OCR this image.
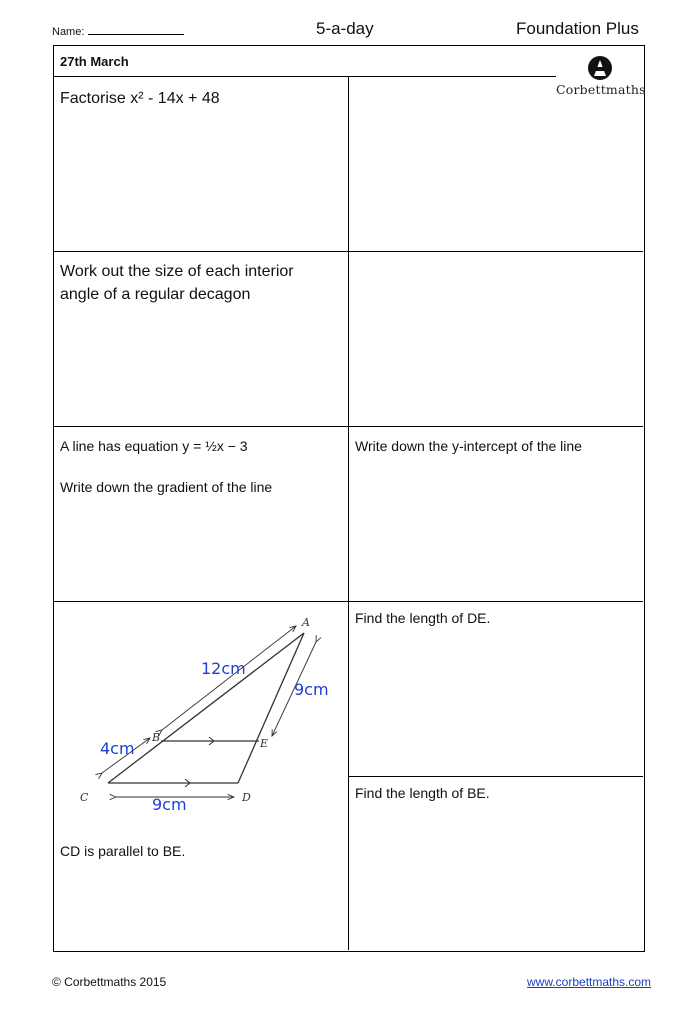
Name:	5-a-day	Foundation Plus
27th March
Corbettmaths
Factorise x² - 14x + 48
Work out the size of each interior
angle of a regular decagon
A line has equation y = ½x − 3
Write down the gradient of the line
Write down the y-intercept of the line
Find the length of DE.
Find the length of BE.
CD is parallel to BE.
A
B
C	D
E
12cm
9cm
4cm
9cm
© Corbettmaths 2015	www.corbettmaths.com
